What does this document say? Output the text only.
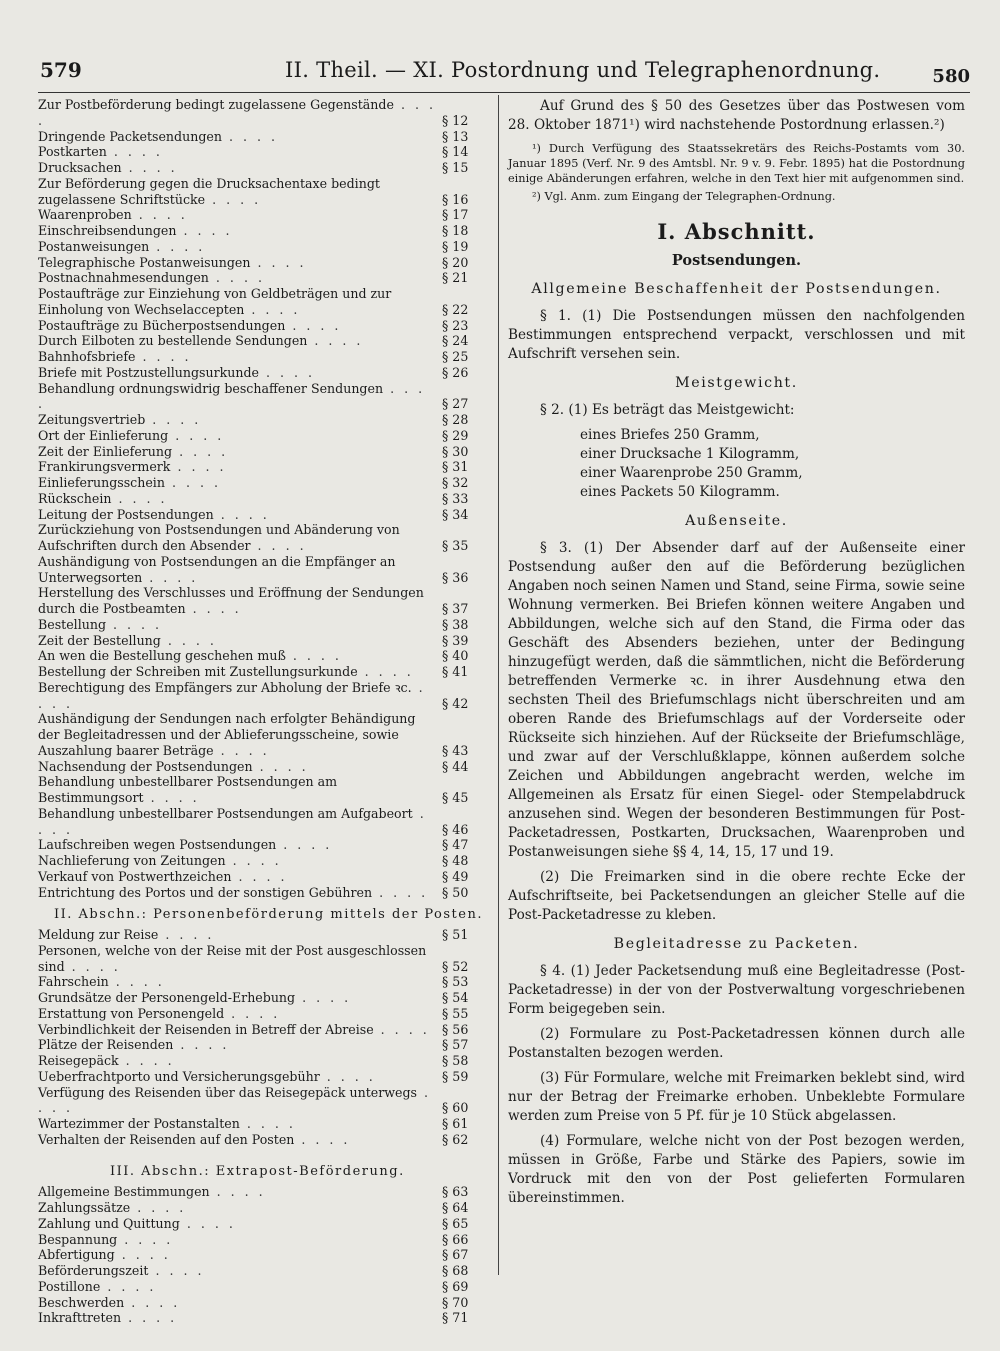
579	II. Theil. — XI. Postordnung und Telegraphenordnung.	580
Zur Postbeförderung bedingt zugelassene Gegenstände . . . .	§ 12
Dringende Packetsendungen . . . .	§ 13
Postkarten . . . .	§ 14
Drucksachen . . . .	§ 15
Zur Beförderung gegen die Drucksachentaxe bedingt zugelassene Schriftstücke . . . .	§ 16
Waarenproben . . . .	§ 17
Einschreibsendungen . . . .	§ 18
Postanweisungen . . . .	§ 19
Telegraphische Postanweisungen . . . .	§ 20
Postnachnahmesendungen . . . .	§ 21
Postaufträge zur Einziehung von Geldbeträgen und zur Einholung von Wechselaccepten . . . .	§ 22
Postaufträge zu Bücherpostsendungen . . . .	§ 23
Durch Eilboten zu bestellende Sendungen . . . .	§ 24
Bahnhofsbriefe . . . .	§ 25
Briefe mit Postzustellungsurkunde . . . .	§ 26
Behandlung ordnungswidrig beschaffener Sendungen . . . .	§ 27
Zeitungsvertrieb . . . .	§ 28
Ort der Einlieferung . . . .	§ 29
Zeit der Einlieferung . . . .	§ 30
Frankirungsvermerk . . . .	§ 31
Einlieferungsschein . . . .	§ 32
Rückschein . . . .	§ 33
Leitung der Postsendungen . . . .	§ 34
Zurückziehung von Postsendungen und Abänderung von Aufschriften durch den Absender . . . .	§ 35
Aushändigung von Postsendungen an die Empfänger an Unterwegsorten . . . .	§ 36
Herstellung des Verschlusses und Eröffnung der Sendungen durch die Postbeamten . . . .	§ 37
Bestellung . . . .	§ 38
Zeit der Bestellung . . . .	§ 39
An wen die Bestellung geschehen muß . . . .	§ 40
Bestellung der Schreiben mit Zustellungsurkunde . . . .	§ 41
Berechtigung des Empfängers zur Abholung der Briefe ꝛc. . . . .	§ 42
Aushändigung der Sendungen nach erfolgter Behändigung der Begleitadressen und der Ablieferungsscheine, sowie Auszahlung baarer Beträge . . . .	§ 43
Nachsendung der Postsendungen . . . .	§ 44
Behandlung unbestellbarer Postsendungen am Bestimmungsort . . . .	§ 45
Behandlung unbestellbarer Postsendungen am Aufgabeort . . . .	§ 46
Laufschreiben wegen Postsendungen . . . .	§ 47
Nachlieferung von Zeitungen . . . .	§ 48
Verkauf von Postwerthzeichen . . . .	§ 49
Entrichtung des Portos und der sonstigen Gebühren . . . .	§ 50
II. Abschn.: Personenbeförderung mittels der Posten.
Meldung zur Reise . . . .	§ 51
Personen, welche von der Reise mit der Post ausgeschlossen sind . . . .	§ 52
Fahrschein . . . .	§ 53
Grundsätze der Personengeld-Erhebung . . . .	§ 54
Erstattung von Personengeld . . . .	§ 55
Verbindlichkeit der Reisenden in Betreff der Abreise . . . . § 56
Plätze der Reisenden . . . .	§ 57
Reisegepäck . . . .	§ 58
Ueberfrachtporto und Versicherungsgebühr . . . .	§ 59
Verfügung des Reisenden über das Reisegepäck unterwegs . . . .	§ 60
Wartezimmer der Postanstalten . . . .	§ 61
Verhalten der Reisenden auf den Posten . . . .	§ 62
III. Abschn.: Extrapost-Beförderung.
Allgemeine Bestimmungen . . . .	§ 63
Zahlungssätze . . . .	§ 64
Zahlung und Quittung . . . .	§ 65
Bespannung . . . .	§ 66
Abfertigung . . . .	§ 67
Beförderungszeit . . . .	§ 68
Postillone . . . .	§ 69
Beschwerden . . . .	§ 70
Inkrafttreten . . . .	§ 71

Auf Grund des § 50 des Gesetzes über das Postwesen vom 28. Oktober 1871¹) wird nachstehende Postordnung erlassen.²)

¹) Durch Verfügung des Staatssekretärs des Reichs-Postamts vom 30. Januar 1895 (Verf. Nr. 9 des Amtsbl. Nr. 9 v. 9. Febr. 1895) hat die Postordnung einige Abänderungen erfahren, welche in den Text hier mit aufgenommen sind.

²) Vgl. Anm. zum Eingang der Telegraphen-Ordnung.

I. Abschnitt.
Postsendungen.
Allgemeine Beschaffenheit der Postsendungen.

§ 1. (1) Die Postsendungen müssen den nachfolgenden Bestimmungen entsprechend verpackt, verschlossen und mit Aufschrift versehen sein.

Meistgewicht.

§ 2. (1) Es beträgt das Meistgewicht:

eines Briefes 250 Gramm,
einer Drucksache 1 Kilogramm,
einer Waarenprobe 250 Gramm,
eines Packets 50 Kilogramm.
Außenseite.

§ 3. (1) Der Absender darf auf der Außenseite einer Postsendung außer den auf die Beförderung bezüglichen Angaben noch seinen Namen und Stand, seine Firma, sowie seine Wohnung vermerken. Bei Briefen können weitere Angaben und Abbildungen, welche sich auf den Stand, die Firma oder das Geschäft des Absenders beziehen, unter der Bedingung hinzugefügt werden, daß die sämmtlichen, nicht die Beförderung betreffenden Vermerke ꝛc. in ihrer Ausdehnung etwa den sechsten Theil des Briefumschlags nicht überschreiten und am oberen Rande des Briefumschlags auf der Vorderseite oder Rückseite sich hinziehen. Auf der Rückseite der Briefumschläge, und zwar auf der Verschlußklappe, können außerdem solche Zeichen und Abbildungen angebracht werden, welche im Allgemeinen als Ersatz für einen Siegel- oder Stempelabdruck anzusehen sind. Wegen der besonderen Bestimmungen für Post-Packetadressen, Postkarten, Drucksachen, Waarenproben und Postanweisungen siehe §§ 4, 14, 15, 17 und 19.

(2) Die Freimarken sind in die obere rechte Ecke der Aufschriftseite, bei Packetsendungen an gleicher Stelle auf die Post-Packetadresse zu kleben.

Begleitadresse zu Packeten.

§ 4. (1) Jeder Packetsendung muß eine Begleitadresse (Post-Packetadresse) in der von der Postverwaltung vorgeschriebenen Form beigegeben sein.

(2) Formulare zu Post-Packetadressen können durch alle Postanstalten bezogen werden.

(3) Für Formulare, welche mit Freimarken beklebt sind, wird nur der Betrag der Freimarke erhoben. Unbeklebte Formulare werden zum Preise von 5 Pf. für je 10 Stück abgelassen.

(4) Formulare, welche nicht von der Post bezogen werden, müssen in Größe, Farbe und Stärke des Papiers, sowie im Vordruck mit den von der Post gelieferten Formularen übereinstimmen.
